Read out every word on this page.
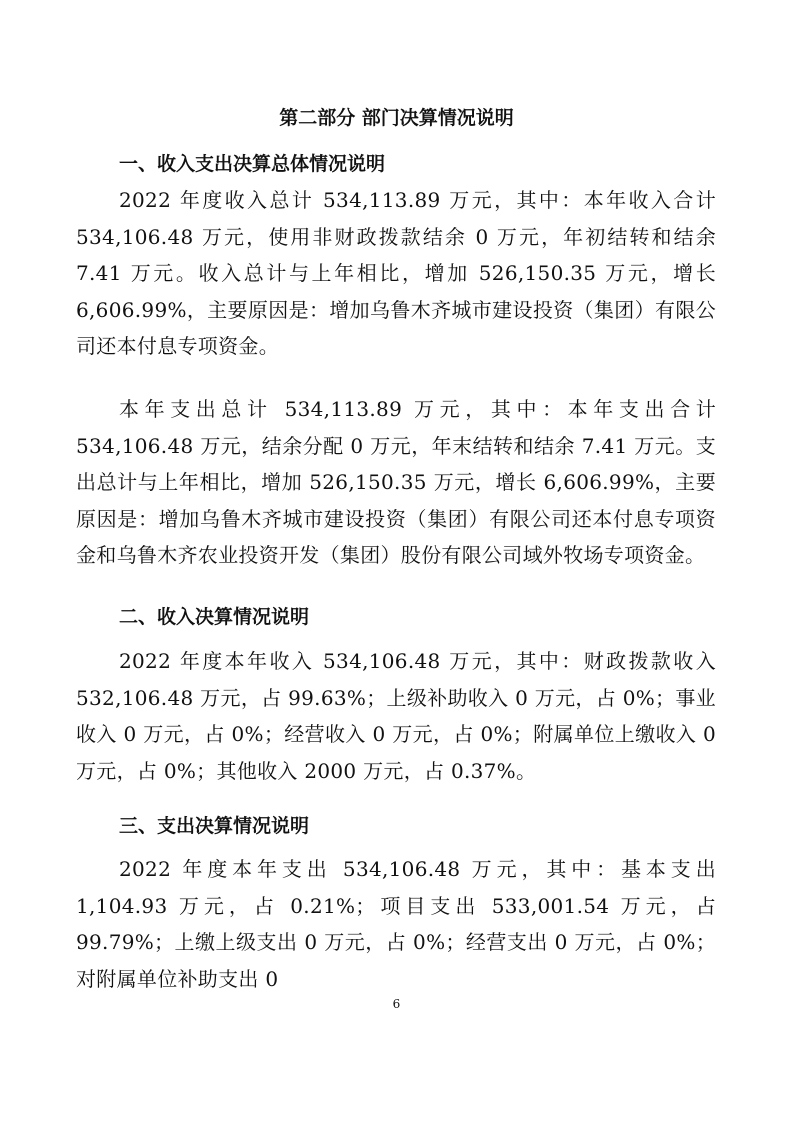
第二部分 部门决算情况说明
一、收入支出决算总体情况说明

2022 年度收入总计 534,113.89 万元，其中：本年收入合计 534,106.48 万元，使用非财政拨款结余 0 万元，年初结转和结余 7.41 万元。收入总计与上年相比，增加 526,150.35 万元，增长 6,606.99%，主要原因是：增加乌鲁木齐城市建设投资（集团）有限公司还本付息专项资金。

本年支出总计 534,113.89 万元，其中：本年支出合计 534,106.48 万元，结余分配 0 万元，年末结转和结余 7.41 万元。支出总计与上年相比，增加 526,150.35 万元，增长 6,606.99%，主要原因是：增加乌鲁木齐城市建设投资（集团）有限公司还本付息专项资金和乌鲁木齐农业投资开发（集团）股份有限公司域外牧场专项资金。

二、收入决算情况说明

2022 年度本年收入 534,106.48 万元，其中：财政拨款收入 532,106.48 万元，占 99.63%；上级补助收入 0 万元，占 0%；事业收入 0 万元，占 0%；经营收入 0 万元，占 0%；附属单位上缴收入 0 万元，占 0%；其他收入 2000 万元，占 0.37%。

三、支出决算情况说明

2022 年度本年支出 534,106.48 万元，其中：基本支出 1,104.93 万元，占 0.21%；项目支出 533,001.54 万元，占 99.79%；上缴上级支出 0 万元，占 0%；经营支出 0 万元，占 0%；对附属单位补助支出 0

6
